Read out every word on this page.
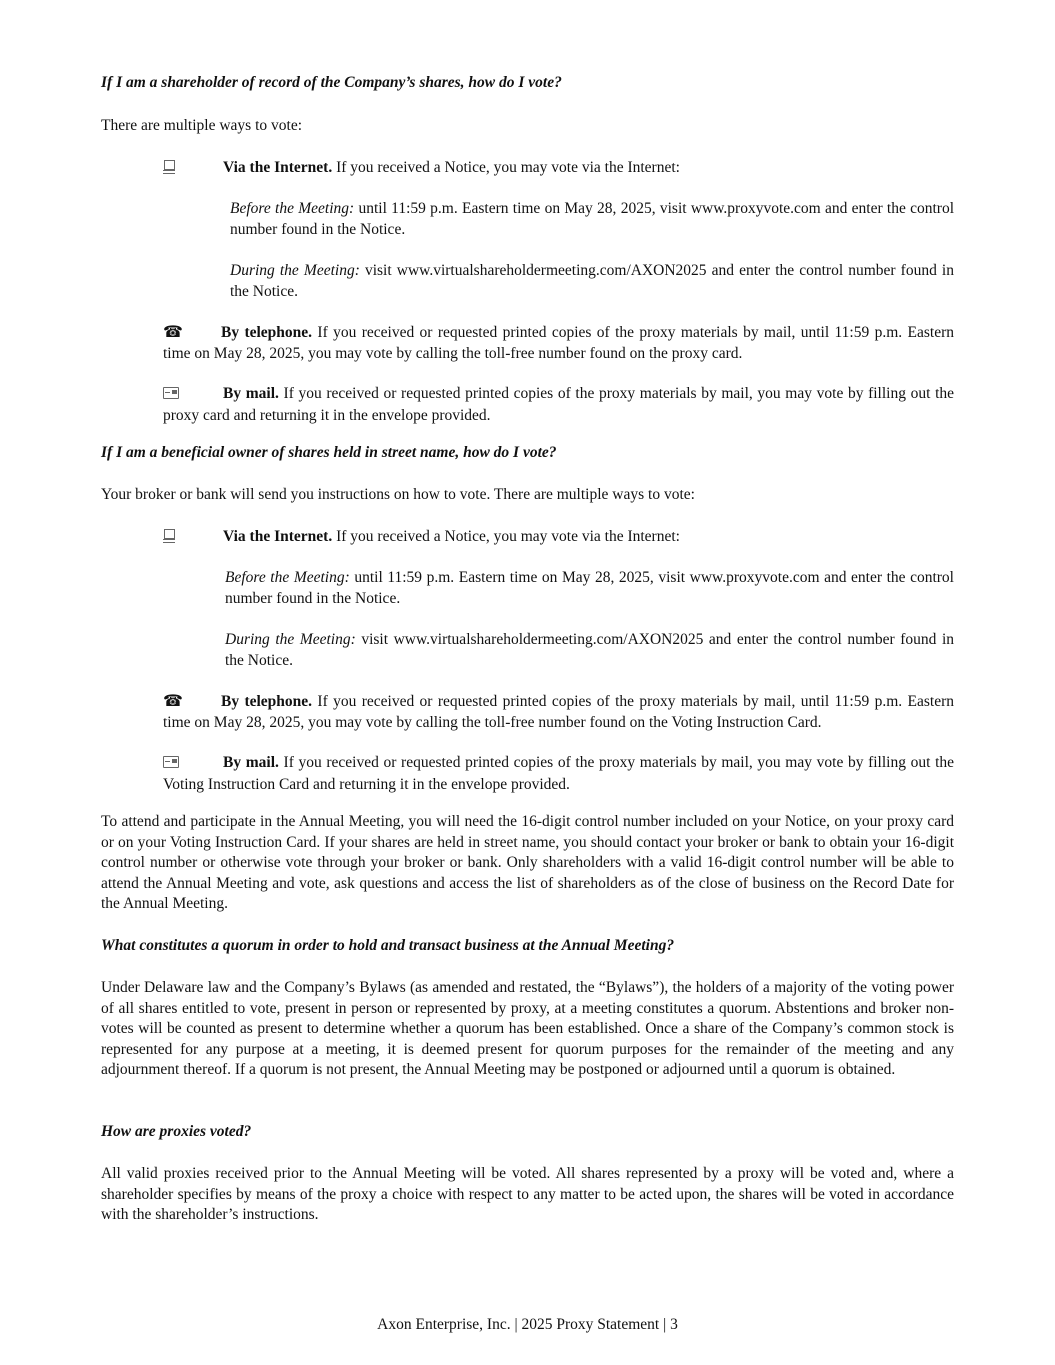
If I am a shareholder of record of the Company’s shares, how do I vote?

There are multiple ways to vote:

Via the Internet. If you received a Notice, you may vote via the Internet:

Before the Meeting: until 11:59 p.m. Eastern time on May 28, 2025, visit www.proxyvote.com and enter the control number found in the Notice.

During the Meeting: visit www.virtualshareholdermeeting.com/AXON2025 and enter the control number found in the Notice.

☎ By telephone. If you received or requested printed copies of the proxy materials by mail, until 11:59 p.m. Eastern time on May 28, 2025, you may vote by calling the toll-free number found on the proxy card.

By mail. If you received or requested printed copies of the proxy materials by mail, you may vote by filling out the proxy card and returning it in the envelope provided.

If I am a beneficial owner of shares held in street name, how do I vote?

Your broker or bank will send you instructions on how to vote. There are multiple ways to vote:

Via the Internet. If you received a Notice, you may vote via the Internet:

Before the Meeting: until 11:59 p.m. Eastern time on May 28, 2025, visit www.proxyvote.com and enter the control number found in the Notice.

During the Meeting: visit www.virtualshareholdermeeting.com/AXON2025 and enter the control number found in the Notice.

☎ By telephone. If you received or requested printed copies of the proxy materials by mail, until 11:59 p.m. Eastern time on May 28, 2025, you may vote by calling the toll-free number found on the Voting Instruction Card.

By mail. If you received or requested printed copies of the proxy materials by mail, you may vote by filling out the Voting Instruction Card and returning it in the envelope provided.

To attend and participate in the Annual Meeting, you will need the 16-digit control number included on your Notice, on your proxy card or on your Voting Instruction Card. If your shares are held in street name, you should contact your broker or bank to obtain your 16-digit control number or otherwise vote through your broker or bank. Only shareholders with a valid 16-digit control number will be able to attend the Annual Meeting and vote, ask questions and access the list of shareholders as of the close of business on the Record Date for the Annual Meeting.

What constitutes a quorum in order to hold and transact business at the Annual Meeting?

Under Delaware law and the Company’s Bylaws (as amended and restated, the “Bylaws”), the holders of a majority of the voting power of all shares entitled to vote, present in person or represented by proxy, at a meeting constitutes a quorum. Abstentions and broker non-votes will be counted as present to determine whether a quorum has been established. Once a share of the Company’s common stock is represented for any purpose at a meeting, it is deemed present for quorum purposes for the remainder of the meeting and any adjournment thereof. If a quorum is not present, the Annual Meeting may be postponed or adjourned until a quorum is obtained.

How are proxies voted?

All valid proxies received prior to the Annual Meeting will be voted. All shares represented by a proxy will be voted and, where a shareholder specifies by means of the proxy a choice with respect to any matter to be acted upon, the shares will be voted in accordance with the shareholder’s instructions.

Axon Enterprise, Inc. | 2025 Proxy Statement | 3
